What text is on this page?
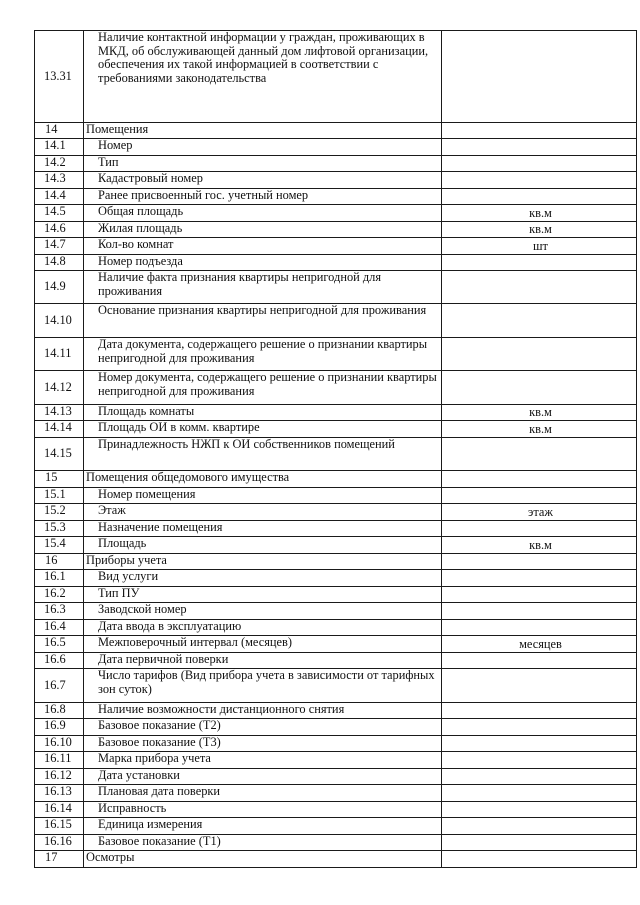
13.31	Наличие контактной информации у граждан, проживающих в МКД, об обслуживающей данный дом лифтовой организации, обеспечения их такой информацией в соответствии с требованиями законодательства	
14	Помещения	
14.1	Номер	
14.2	Тип	
14.3	Кадастровый номер	
14.4	Ранее присвоенный гос. учетный номер	
14.5	Общая площадь	кв.м
14.6	Жилая площадь	кв.м
14.7	Кол-во комнат	шт
14.8	Номер подъезда	
14.9	Наличие факта признания квартиры непригодной для проживания	
14.10	Основание признания квартиры непригодной для проживания	
14.11	Дата документа, содержащего решение о признании квартиры непригодной для проживания	
14.12	Номер документа, содержащего решение о признании квартиры непригодной для проживания	
14.13	Площадь комнаты	кв.м
14.14	Площадь ОИ в комм. квартире	кв.м
14.15	Принадлежность НЖП к ОИ собственников помещений	
15	Помещения общедомового имущества	
15.1	Номер помещения	
15.2	Этаж	этаж
15.3	Назначение помещения	
15.4	Площадь	кв.м
16	Приборы учета	
16.1	Вид услуги	
16.2	Тип ПУ	
16.3	Заводской номер	
16.4	Дата ввода в эксплуатацию	
16.5	Межповерочный интервал (месяцев)	месяцев
16.6	Дата первичной поверки	
16.7	Число тарифов (Вид прибора учета в зависимости от тарифных зон суток)	
16.8	Наличие возможности дистанционного снятия	
16.9	Базовое показание (Т2)	
16.10	Базовое показание (Т3)	
16.11	Марка прибора учета	
16.12	Дата установки	
16.13	Плановая дата поверки	
16.14	Исправность	
16.15	Единица измерения	
16.16	Базовое показание (Т1)	
17	Осмотры	
